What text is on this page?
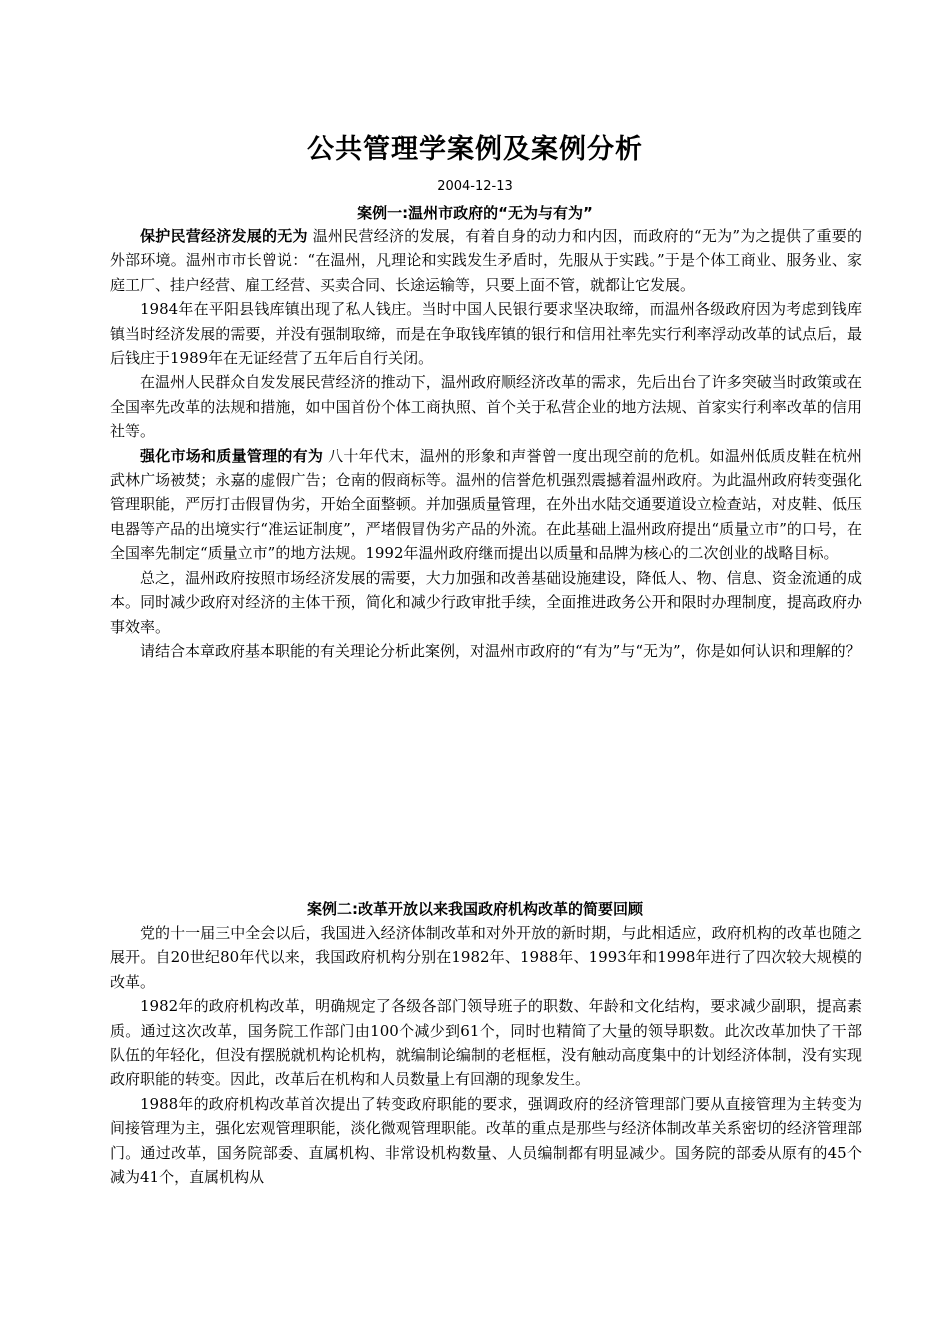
公共管理学案例及案例分析
2004-12-13
案例一:温州市政府的“无为与有为”

保护民营经济发展的无为 温州民营经济的发展，有着自身的动力和内因，而政府的“无为”为之提供了重要的外部环境。温州市市长曾说：“在温州，凡理论和实践发生矛盾时，先服从于实践。”于是个体工商业、服务业、家庭工厂、挂户经营、雇工经营、买卖合同、长途运输等，只要上面不管，就都让它发展。

1984年在平阳县钱库镇出现了私人钱庄。当时中国人民银行要求坚决取缔，而温州各级政府因为考虑到钱库镇当时经济发展的需要，并没有强制取缔，而是在争取钱库镇的银行和信用社率先实行利率浮动改革的试点后，最后钱庄于1989年在无证经营了五年后自行关闭。

在温州人民群众自发发展民营经济的推动下，温州政府顺经济改革的需求，先后出台了许多突破当时政策或在全国率先改革的法规和措施，如中国首份个体工商执照、首个关于私营企业的地方法规、首家实行利率改革的信用社等。

强化市场和质量管理的有为 八十年代末，温州的形象和声誉曾一度出现空前的危机。如温州低质皮鞋在杭州武林广场被焚；永嘉的虚假广告；仓南的假商标等。温州的信誉危机强烈震撼着温州政府。为此温州政府转变强化管理职能，严厉打击假冒伪劣，开始全面整顿。并加强质量管理，在外出水陆交通要道设立检查站，对皮鞋、低压电器等产品的出境实行“准运证制度”，严堵假冒伪劣产品的外流。在此基础上温州政府提出“质量立市”的口号，在全国率先制定“质量立市”的地方法规。1992年温州政府继而提出以质量和品牌为核心的二次创业的战略目标。

总之，温州政府按照市场经济发展的需要，大力加强和改善基础设施建设，降低人、物、信息、资金流通的成本。同时减少政府对经济的主体干预，简化和减少行政审批手续，全面推进政务公开和限时办理制度，提高政府办事效率。

请结合本章政府基本职能的有关理论分析此案例，对温州市政府的“有为”与“无为”，你是如何认识和理解的？

案例二:改革开放以来我国政府机构改革的简要回顾

党的十一届三中全会以后，我国进入经济体制改革和对外开放的新时期，与此相适应，政府机构的改革也随之展开。自20世纪80年代以来，我国政府机构分别在1982年、1988年、1993年和1998年进行了四次较大规模的改革。

1982年的政府机构改革，明确规定了各级各部门领导班子的职数、年龄和文化结构，要求减少副职，提高素质。通过这次改革，国务院工作部门由100个减少到61个，同时也精简了大量的领导职数。此次改革加快了干部队伍的年轻化，但没有摆脱就机构论机构，就编制论编制的老框框，没有触动高度集中的计划经济体制，没有实现政府职能的转变。因此，改革后在机构和人员数量上有回潮的现象发生。

1988年的政府机构改革首次提出了转变政府职能的要求，强调政府的经济管理部门要从直接管理为主转变为间接管理为主，强化宏观管理职能，淡化微观管理职能。改革的重点是那些与经济体制改革关系密切的经济管理部门。通过改革，国务院部委、直属机构、非常设机构数量、人员编制都有明显减少。国务院的部委从原有的45个减为41个，直属机构从
